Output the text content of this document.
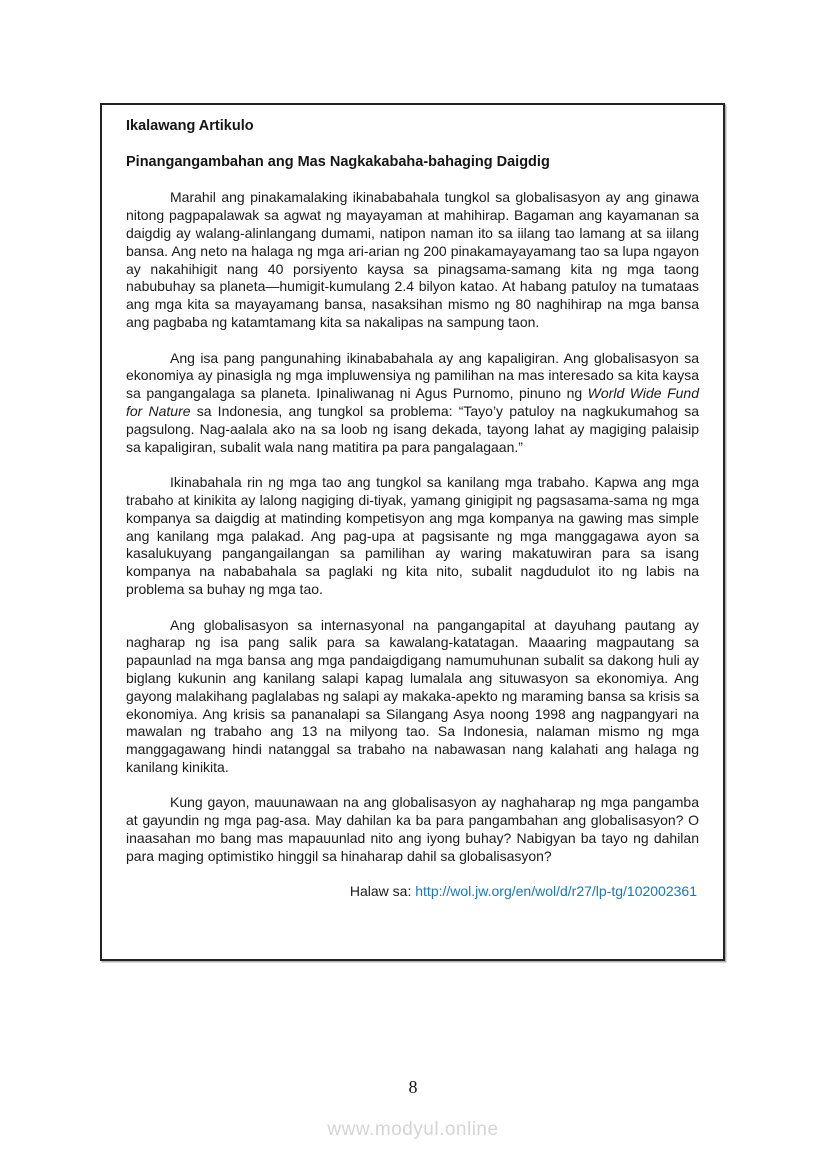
Ikalawang Artikulo

Pinangangambahan ang Mas Nagkakabaha-bahaging Daigdig

Marahil ang pinakamalaking ikinababahala tungkol sa globalisasyon ay ang ginawa nitong pagpapalawak sa agwat ng mayayaman at mahihirap. Bagaman ang kayamanan sa daigdig ay walang-alinlangang dumami, natipon naman ito sa iilang tao lamang at sa iilang bansa. Ang neto na halaga ng mga ari-arian ng 200 pinakamayayamang tao sa lupa ngayon ay nakahihigit nang 40 porsiyento kaysa sa pinagsama-samang kita ng mga taong nabubuhay sa planeta—humigit-kumulang 2.4 bilyon katao. At habang patuloy na tumataas ang mga kita sa mayayamang bansa, nasaksihan mismo ng 80 naghihirap na mga bansa ang pagbaba ng katamtamang kita sa nakalipas na sampung taon.

Ang isa pang pangunahing ikinababahala ay ang kapaligiran. Ang globalisasyon sa ekonomiya ay pinasigla ng mga impluwensiya ng pamilihan na mas interesado sa kita kaysa sa pangangalaga sa planeta. Ipinaliwanag ni Agus Purnomo, pinuno ng World Wide Fund for Nature sa Indonesia, ang tungkol sa problema: “Tayo’y patuloy na nagkukumahog sa pagsulong. Nag-aalala ako na sa loob ng isang dekada, tayong lahat ay magiging palaisip sa kapaligiran, subalit wala nang matitira pa para pangalagaan.”

Ikinabahala rin ng mga tao ang tungkol sa kanilang mga trabaho. Kapwa ang mga trabaho at kinikita ay lalong nagiging di-tiyak, yamang ginigipit ng pagsasama-sama ng mga kompanya sa daigdig at matinding kompetisyon ang mga kompanya na gawing mas simple ang kanilang mga palakad. Ang pag-upa at pagsisante ng mga manggagawa ayon sa kasalukuyang pangangailangan sa pamilihan ay waring makatuwiran para sa isang kompanya na nababahala sa paglaki ng kita nito, subalit nagdudulot ito ng labis na problema sa buhay ng mga tao.

Ang globalisasyon sa internasyonal na pangangapital at dayuhang pautang ay nagharap ng isa pang salik para sa kawalang-katatagan. Maaaring magpautang sa papaunlad na mga bansa ang mga pandaigdigang namumuhunan subalit sa dakong huli ay biglang kukunin ang kanilang salapi kapag lumalala ang situwasyon sa ekonomiya. Ang gayong malakihang paglalabas ng salapi ay makaka-apekto ng maraming bansa sa krisis sa ekonomiya. Ang krisis sa pananalapi sa Silangang Asya noong 1998 ang nagpangyari na mawalan ng trabaho ang 13 na milyong tao. Sa Indonesia, nalaman mismo ng mga manggagawang hindi natanggal sa trabaho na nabawasan nang kalahati ang halaga ng kanilang kinikita.

Kung gayon, mauunawaan na ang globalisasyon ay naghaharap ng mga pangamba at gayundin ng mga pag-asa. May dahilan ka ba para pangambahan ang globalisasyon? O inaasahan mo bang mas mapauunlad nito ang iyong buhay? Nabigyan ba tayo ng dahilan para maging optimistiko hinggil sa hinaharap dahil sa globalisasyon?

Halaw sa: http://wol.jw.org/en/wol/d/r27/lp-tg/102002361

8
www.modyul.online
